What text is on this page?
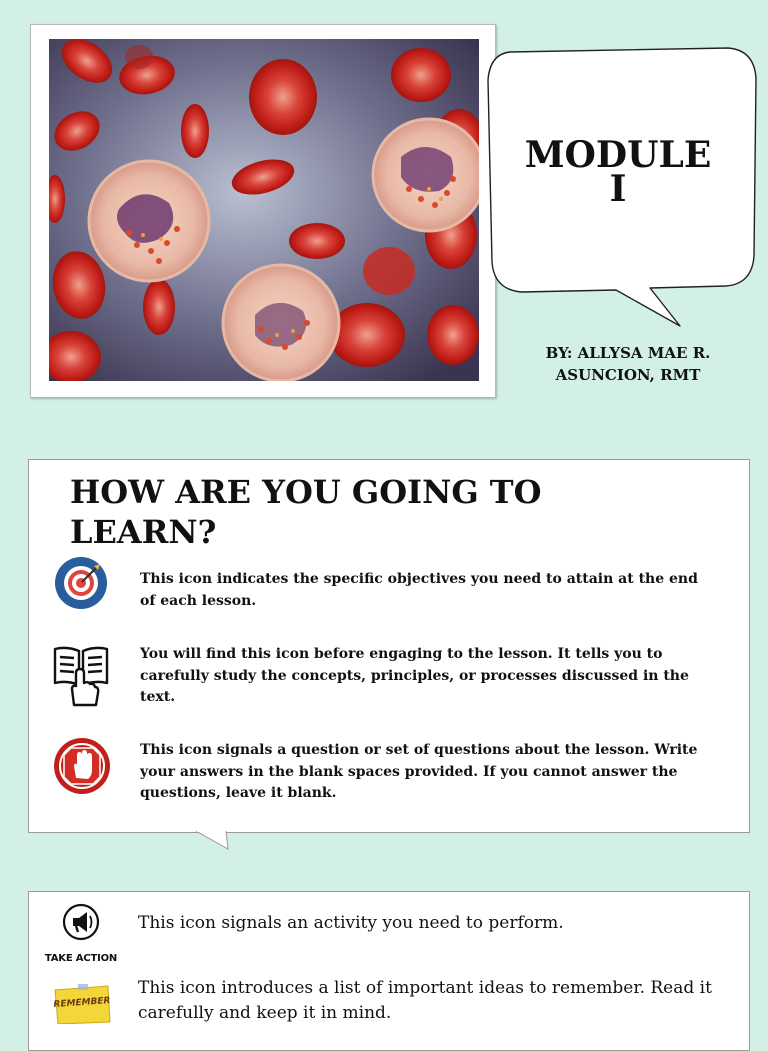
MODULE
I
BY: ALLYSA MAE R.
ASUNCION, RMT
HOW ARE YOU GOING TO
LEARN?
This icon indicates the specific objectives you need to attain at the end of each lesson.
You will find this icon before engaging to the lesson. It tells you to carefully study the concepts, principles, or processes discussed in the text.
This icon signals a question or set of questions about the lesson. Write your answers in the blank spaces provided. If you cannot answer the questions, leave it blank.
TAKE ACTION
This icon signals an activity you need to perform.
REMEMBER
This icon introduces a list of important ideas to remember. Read it carefully and keep it in mind.
